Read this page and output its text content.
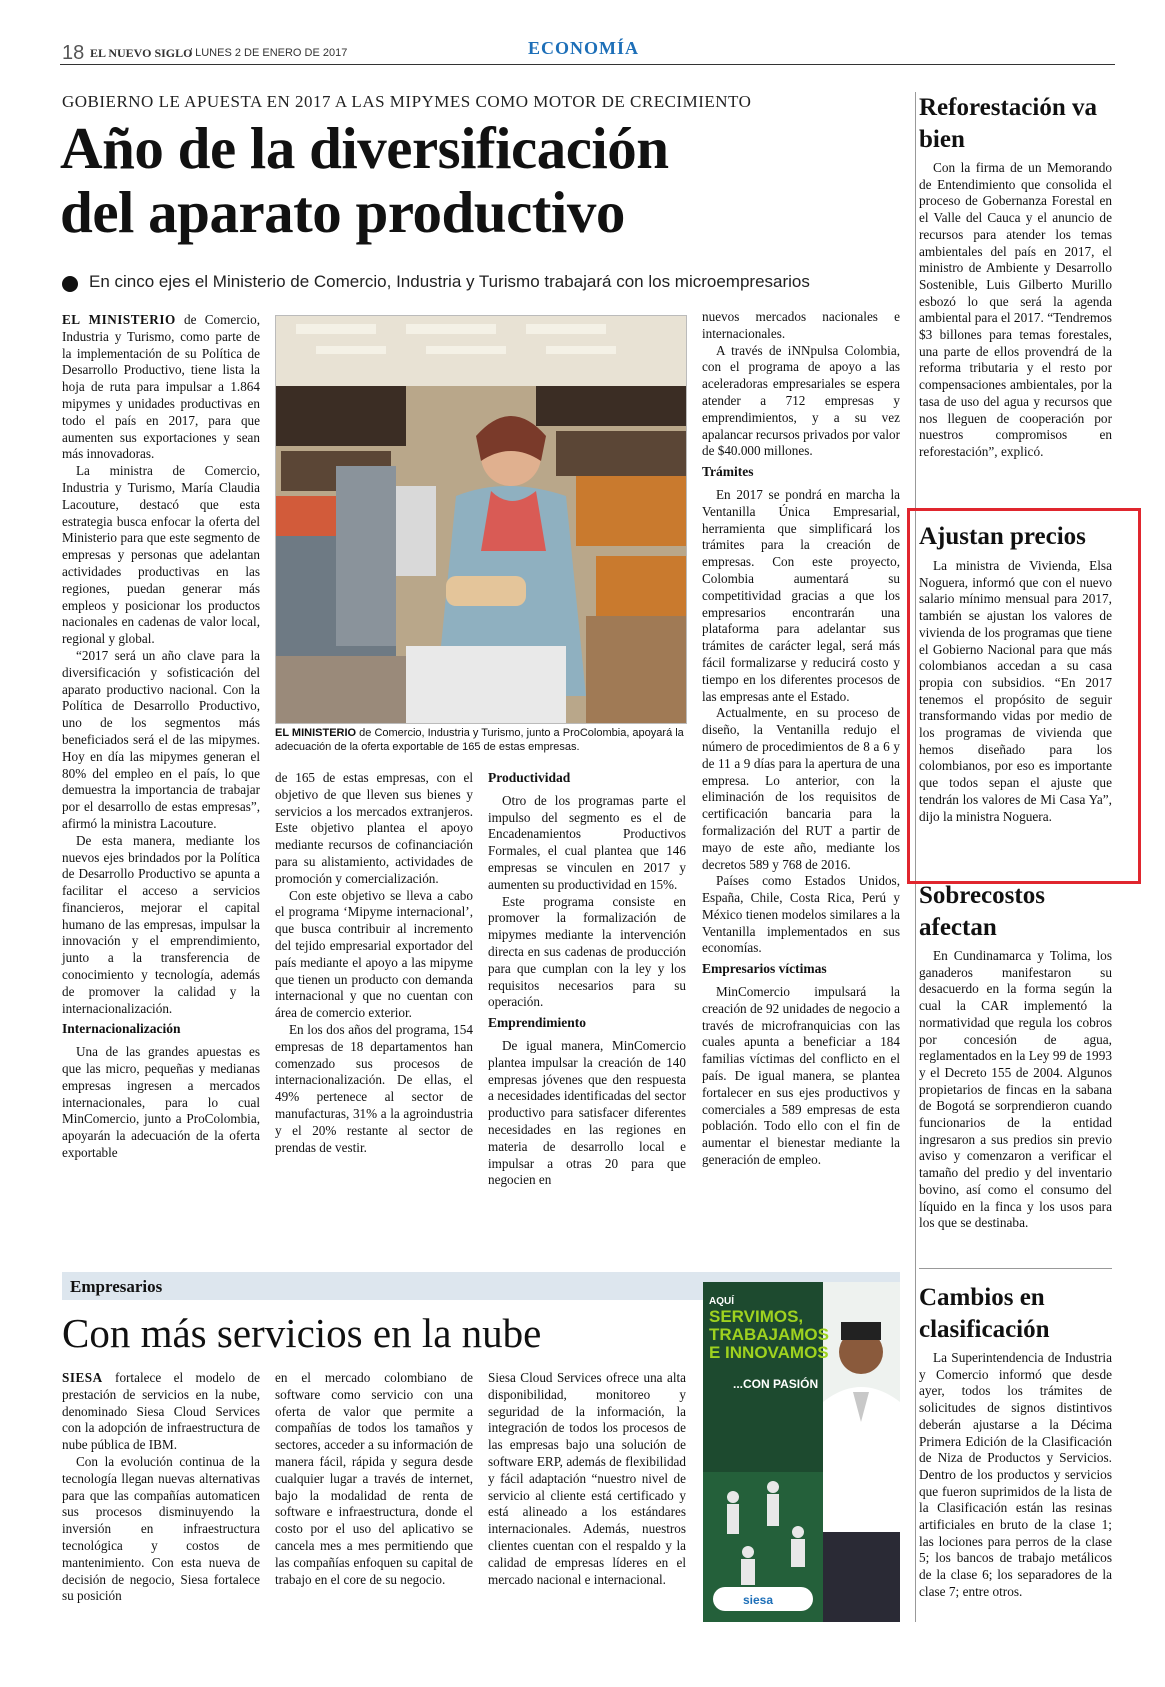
18 EL NUEVO SIGLO
/ LUNES 2 DE ENERO DE 2017	ECONOMÍA
GOBIERNO LE APUESTA EN 2017 A LAS MIPYMES COMO MOTOR DE CRECIMIENTO
Año de la diversificación
del aparato productivo
En cinco ejes el Ministerio de Comercio, Industria y Turismo trabajará con los microempresarios

EL MINISTERIO de Comercio, Industria y Turismo, como parte de la implementación de su Política de Desarrollo Productivo, tiene lista la hoja de ruta para impulsar a 1.864 mipymes y unidades productivas en todo el país en 2017, para que aumenten sus exportaciones y sean más innovadoras.

La ministra de Comercio, Industria y Turismo, María Claudia Lacouture, destacó que esta estrategia busca enfocar la oferta del Ministerio para que este segmento de empresas y personas que adelantan actividades productivas en las regiones, puedan generar más empleos y posicionar los productos nacionales en cadenas de valor local, regional y global.

“2017 será un año clave para la diversificación y sofisticación del aparato productivo nacional. Con la Política de Desarrollo Productivo, uno de los segmentos más beneficiados será el de las mipymes. Hoy en día las mipymes generan el 80% del empleo en el país, lo que demuestra la importancia de trabajar por el desarrollo de estas empresas”, afirmó la ministra Lacouture.

De esta manera, mediante los nuevos ejes brindados por la Política de Desarrollo Productivo se apunta a facilitar el acceso a servicios financieros, mejorar el capital humano de las empresas, impulsar la innovación y el emprendimiento, junto a la transferencia de conocimiento y tecnología, además de promover la calidad y la internacionalización.

Internacionalización

Una de las grandes apuestas es que las micro, pequeñas y medianas empresas ingresen a mercados internacionales, para lo cual MinComercio, junto a ProColombia, apoyarán la adecuación de la oferta exportable

EL MINISTERIO de Comercio, Industria y Turismo, junto a ProColombia, apoyará la adecuación de la oferta exportable de 165 de estas empresas.

de 165 de estas empresas, con el objetivo de que lleven sus bienes y servicios a los mercados extranjeros. Este objetivo plantea el apoyo mediante recursos de cofinanciación para su alistamiento, actividades de promoción y comercialización.

Con este objetivo se lleva a cabo el programa ‘Mipyme internacional’, que busca contribuir al incremento del tejido empresarial exportador del país mediante el apoyo a las mipyme que tienen un producto con demanda internacional y que no cuentan con área de comercio exterior.

En los dos años del programa, 154 empresas de 18 departamentos han comenzado sus procesos de internacionalización. De ellas, el 49% pertenece al sector de manufacturas, 31% a la agroindustria y el 20% restante al sector de prendas de vestir.

Productividad

Otro de los programas parte el impulso del segmento es el de Encadenamientos Productivos Formales, el cual plantea que 146 empresas se vinculen en 2017 y aumenten su productividad en 15%.

Este programa consiste en promover la formalización de mipymes mediante la intervención directa en sus cadenas de producción para que cumplan con la ley y los requisitos necesarios para su operación.

Emprendimiento

De igual manera, MinComercio plantea impulsar la creación de 140 empresas jóvenes que den respuesta a necesidades identificadas del sector productivo para satisfacer diferentes necesidades en las regiones en materia de desarrollo local e impulsar a otras 20 para que negocien en

nuevos mercados nacionales e internacionales.

A través de iNNpulsa Colombia, con el programa de apoyo a las aceleradoras empresariales se espera atender a 712 empresas y emprendimientos, y a su vez apalancar recursos privados por valor de $40.000 millones.

Trámites

En 2017 se pondrá en marcha la Ventanilla Única Empresarial, herramienta que simplificará los trámites para la creación de empresas. Con este proyecto, Colombia aumentará su competitividad gracias a que los empresarios encontrarán una plataforma para adelantar sus trámites de carácter legal, será más fácil formalizarse y reducirá costo y tiempo en los diferentes procesos de las empresas ante el Estado.

Actualmente, en su proceso de diseño, la Ventanilla redujo el número de procedimientos de 8 a 6 y de 11 a 9 días para la apertura de una empresa. Lo anterior, con la eliminación de los requisitos de certificación bancaria para la formalización del RUT a partir de mayo de este año, mediante los decretos 589 y 768 de 2016.

Países como Estados Unidos, España, Chile, Costa Rica, Perú y México tienen modelos similares a la Ventanilla implementados en sus economías.

Empresarios víctimas

MinComercio impulsará la creación de 92 unidades de negocio a través de microfranquicias con las cuales apunta a beneficiar a 184 familias víctimas del conflicto en el país. De igual manera, se plantea fortalecer en sus ejes productivos y comerciales a 589 empresas de esta población. Todo ello con el fin de aumentar el bienestar mediante la generación de empleo.

Reforestación va bien

Con la firma de un Memorando de Entendimiento que consolida el proceso de Gobernanza Forestal en el Valle del Cauca y el anuncio de recursos para atender los temas ambientales del país en 2017, el ministro de Ambiente y Desarrollo Sostenible, Luis Gilberto Murillo esbozó lo que será la agenda ambiental para el 2017. “Tendremos $3 billones para temas forestales, una parte de ellos provendrá de la reforma tributaria y el resto por compensaciones ambientales, por la tasa de uso del agua y recursos que nos lleguen de cooperación por nuestros compromisos en reforestación”, explicó.

Ajustan precios

La ministra de Vivienda, Elsa Noguera, informó que con el nuevo salario mínimo mensual para 2017, también se ajustan los valores de vivienda de los programas que tiene el Gobierno Nacional para que más colombianos accedan a su casa propia con subsidios. “En 2017 tenemos el propósito de seguir transformando vidas por medio de los programas de vivienda que hemos diseñado para los colombianos, por eso es importante que todos sepan el ajuste que tendrán los valores de Mi Casa Ya”, dijo la ministra Noguera.

Sobrecostos afectan

En Cundinamarca y Tolima, los ganaderos manifestaron su desacuerdo en la forma según la cual la CAR implementó la normatividad que regula los cobros por concesión de agua, reglamentados en la Ley 99 de 1993 y el Decreto 155 de 2004. Algunos propietarios de fincas en la sabana de Bogotá se sorprendieron cuando funcionarios de la entidad ingresaron a sus predios sin previo aviso y comenzaron a verificar el tamaño del predio y del inventario bovino, así como el consumo del líquido en la finca y los usos para los que se destinaba.

Cambios en clasificación

La Superintendencia de Industria y Comercio informó que desde ayer, todos los trámites de solicitudes de signos distintivos deberán ajustarse a la Décima Primera Edición de la Clasificación de Niza de Productos y Servicios. Dentro de los productos y servicios que fueron suprimidos de la lista de la Clasificación están las resinas artificiales en bruto de la clase 1; las lociones para perros de la clase 5; los bancos de trabajo metálicos de la clase 6; los separadores de la clase 7; entre otros.

Empresarios
Con más servicios en la nube

SIESA fortalece el modelo de prestación de servicios en la nube, denominado Siesa Cloud Services con la adopción de infraestructura de nube pública de IBM.

Con la evolución continua de la tecnología llegan nuevas alternativas para que las compañías automaticen sus procesos disminuyendo la inversión en infraestructura tecnológica y costos de mantenimiento. Con esta nueva de decisión de negocio, Siesa fortalece su posición

en el mercado colombiano de software como servicio con una oferta de valor que permite a compañías de todos los tamaños y sectores, acceder a su información de manera fácil, rápida y segura desde cualquier lugar a través de internet, bajo la modalidad de renta de software e infraestructura, donde el costo por el uso del aplicativo se cancela mes a mes permitiendo que las compañías enfoquen su capital de trabajo en el core de su negocio.

Siesa Cloud Services ofrece una alta disponibilidad, monitoreo y seguridad de la información, la integración de todos los procesos de las empresas bajo una solución de software ERP, además de flexibilidad y fácil adaptación “nuestro nivel de servicio al cliente está certificado y está alineado a los estándares internacionales. Además, nuestros clientes cuentan con el respaldo y la calidad de empresas líderes en el mercado nacional e internacional.

AQUÍ
SERVIMOS,
TRABAJAMOS
E INNOVAMOS
...CON PASIÓN
siesa
